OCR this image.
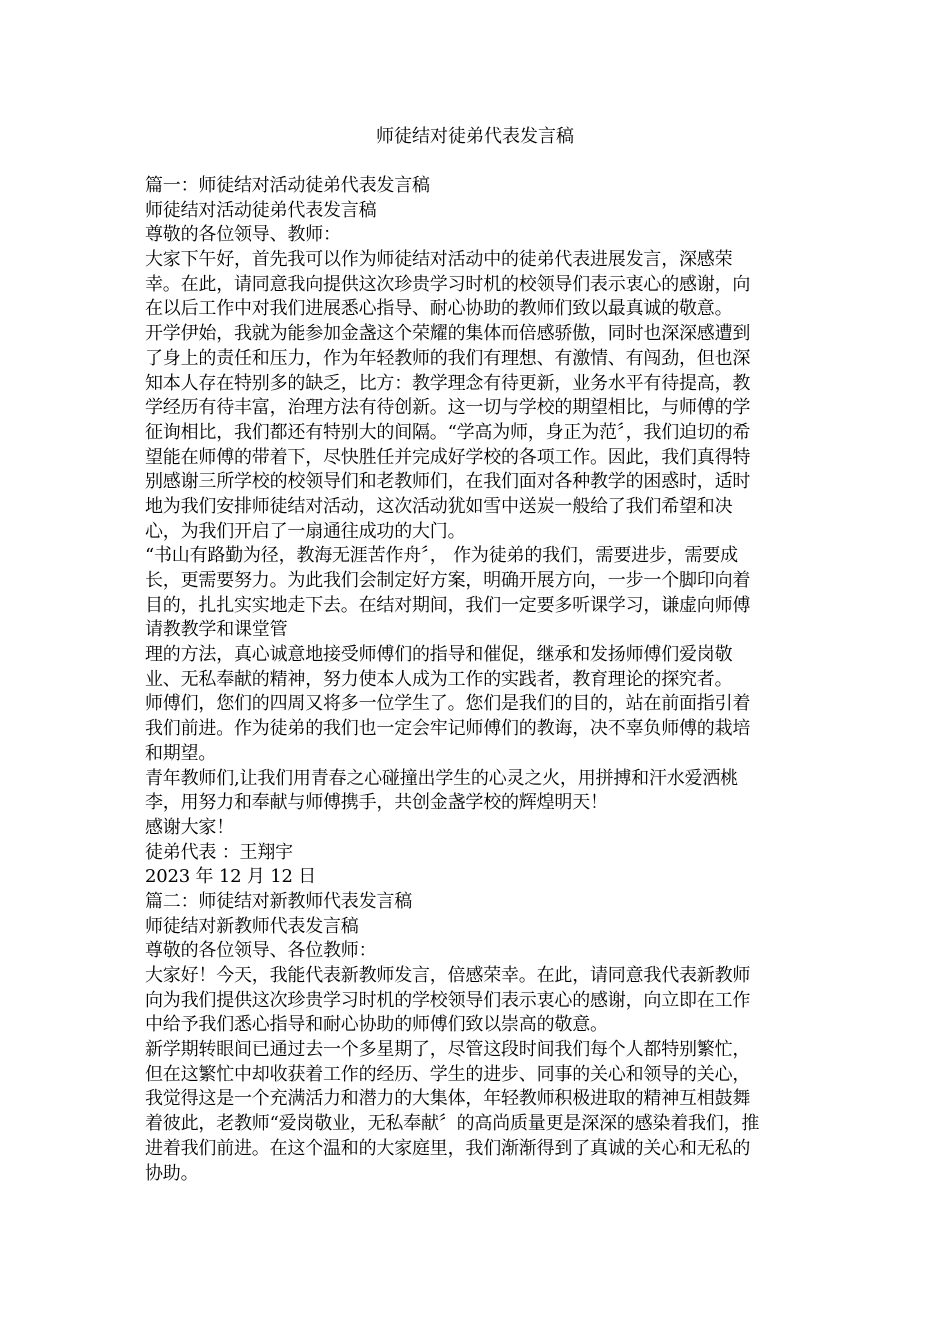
师徒结对徒弟代表发言稿
篇一：师徒结对活动徒弟代表发言稿
师徒结对活动徒弟代表发言稿
尊敬的各位领导、教师：
大家下午好，首先我可以作为师徒结对活动中的徒弟代表进展发言，深感荣
幸。在此，请同意我向提供这次珍贵学习时机的校领导们表示衷心的感谢，向
在以后工作中对我们进展悉心指导、耐心协助的教师们致以最真诚的敬意。
开学伊始，我就为能参加金盏这个荣耀的集体而倍感骄傲，同时也深深感遭到
了身上的责任和压力，作为年轻教师的我们有理想、有激情、有闯劲，但也深
知本人存在特别多的缺乏，比方：教学理念有待更新，业务水平有待提高，教
学经历有待丰富，治理方法有待创新。这一切与学校的期望相比，与师傅的学
征询相比，我们都还有特别大的间隔。“学高为师，身正为范〞，我们迫切的希
望能在师傅的带着下，尽快胜任并完成好学校的各项工作。因此，我们真得特
别感谢三所学校的校领导们和老教师们，在我们面对各种教学的困惑时，适时
地为我们安排师徒结对活动，这次活动犹如雪中送炭一般给了我们希望和决
心，为我们开启了一扇通往成功的大门。
“书山有路勤为径，教海无涯苦作舟〞， 作为徒弟的我们，需要进步，需要成
长，更需要努力。为此我们会制定好方案，明确开展方向，一步一个脚印向着
目的，扎扎实实地走下去。在结对期间，我们一定要多听课学习，谦虚向师傅
请教教学和课堂管
理的方法，真心诚意地接受师傅们的指导和催促，继承和发扬师傅们爱岗敬
业、无私奉献的精神，努力使本人成为工作的实践者，教育理论的探究者。
师傅们，您们的四周又将多一位学生了。您们是我们的目的，站在前面指引着
我们前进。作为徒弟的我们也一定会牢记师傅们的教诲，决不辜负师傅的栽培
和期望。
青年教师们,让我们用青春之心碰撞出学生的心灵之火，用拼搏和汗水爱洒桃
李，用努力和奉献与师傅携手，共创金盏学校的辉煌明天！
感谢大家！
徒弟代表 ：王翔宇
2023 年 12 月 12 日
篇二：师徒结对新教师代表发言稿
师徒结对新教师代表发言稿
尊敬的各位领导、各位教师：
大家好！今天，我能代表新教师发言，倍感荣幸。在此，请同意我代表新教师
向为我们提供这次珍贵学习时机的学校领导们表示衷心的感谢，向立即在工作
中给予我们悉心指导和耐心协助的师傅们致以崇高的敬意。
新学期转眼间已通过去一个多星期了，尽管这段时间我们每个人都特别繁忙，
但在这繁忙中却收获着工作的经历、学生的进步、同事的关心和领导的关心，
我觉得这是一个充满活力和潜力的大集体，年轻教师积极进取的精神互相鼓舞
着彼此，老教师“爱岗敬业，无私奉献〞的高尚质量更是深深的感染着我们，推
进着我们前进。在这个温和的大家庭里，我们渐渐得到了真诚的关心和无私的
协助。
